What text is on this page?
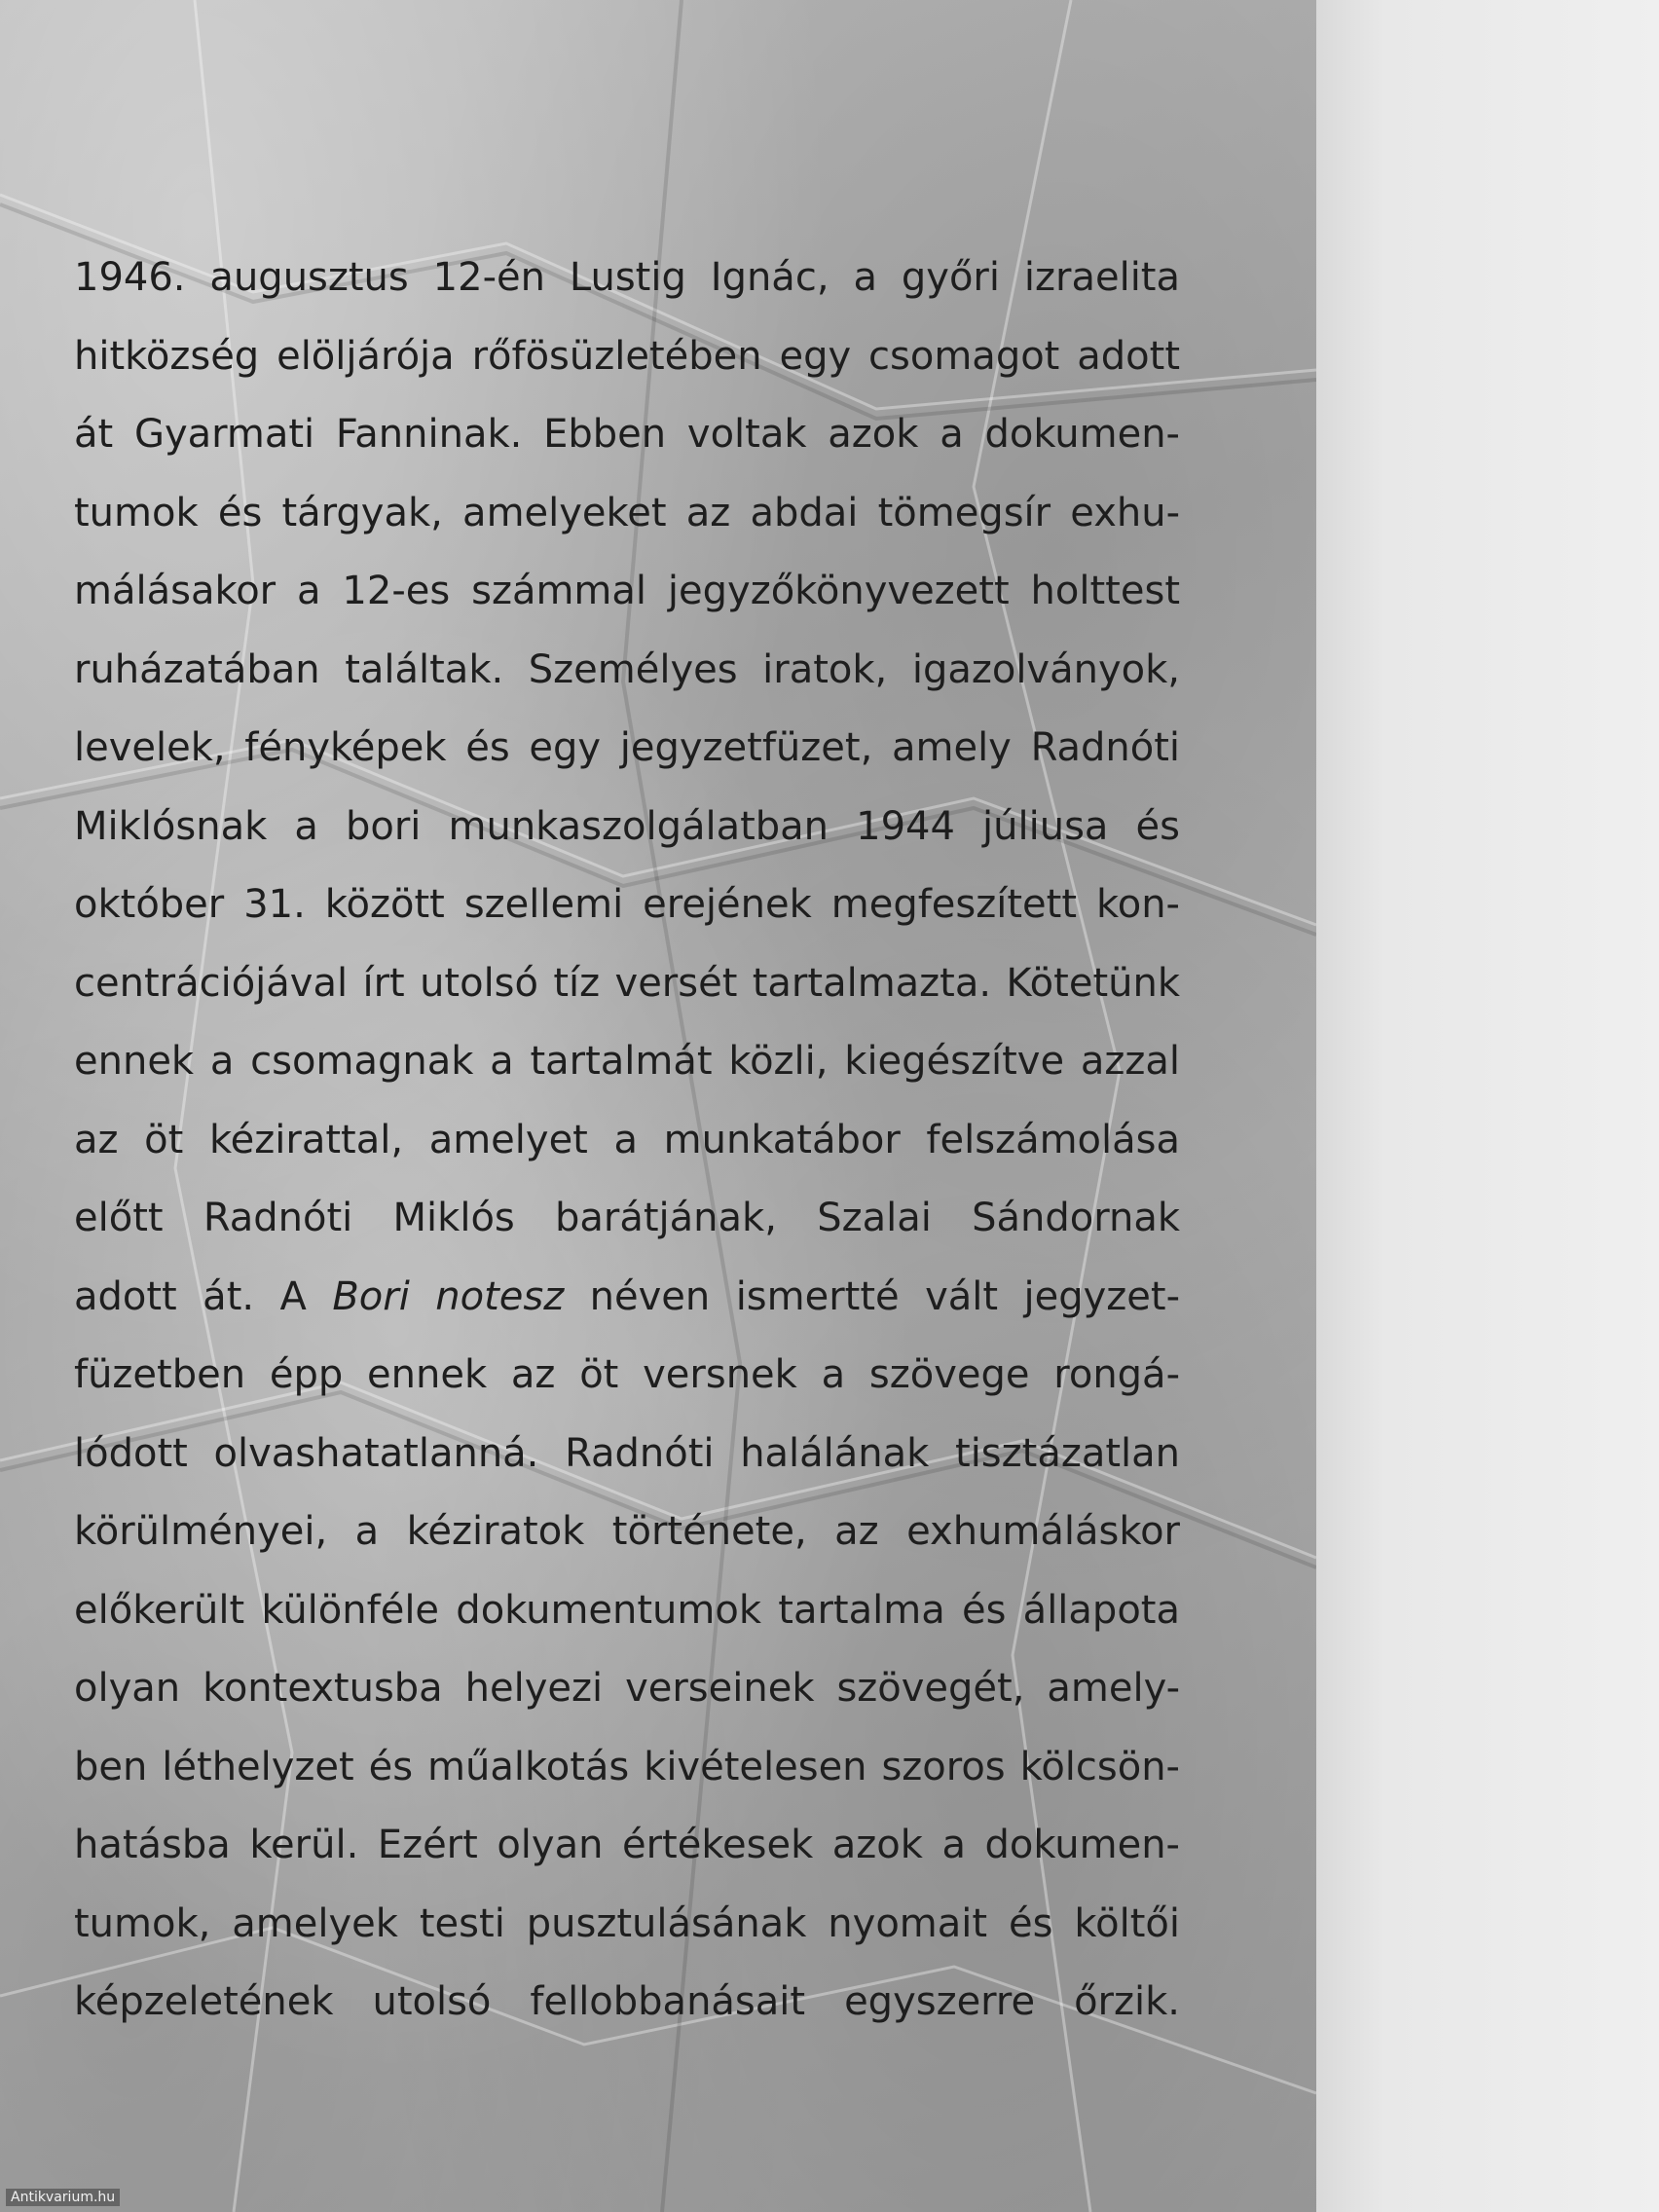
1946. augusztus 12-én Lustig Ignác, a győri izraelita
hitközség elöljárója rőfösüzletében egy csomagot adott
át Gyarmati Fanninak. Ebben voltak azok a dokumen-
tumok és tárgyak, amelyeket az abdai tömegsír exhu-
málásakor a 12-es számmal jegyzőkönyvezett holttest
ruházatában találtak. Személyes iratok, igazolványok,
levelek, fényképek és egy jegyzetfüzet, amely Radnóti
Miklósnak a bori munkaszolgálatban 1944 júliusa és
október 31. között szellemi erejének megfeszített kon-
centrációjával írt utolsó tíz versét tartalmazta. Kötetünk
ennek a csomagnak a tartalmát közli, kiegészítve azzal
az öt kézirattal, amelyet a munkatábor felszámolása
előtt Radnóti Miklós barátjának, Szalai Sándornak
adott át. A Bori notesz néven ismertté vált jegyzet-
füzetben épp ennek az öt versnek a szövege rongá-
lódott olvashatatlanná. Radnóti halálának tisztázatlan
körülményei, a kéziratok története, az exhumáláskor
előkerült különféle dokumentumok tartalma és állapota
olyan kontextusba helyezi verseinek szövegét, amely-
ben léthelyzet és műalkotás kivételesen szoros kölcsön-
hatásba kerül. Ezért olyan értékesek azok a dokumen-
tumok, amelyek testi pusztulásának nyomait és költői
képzeletének utolsó fellobbanásait egyszerre őrzik.
Antikvarium.hu
